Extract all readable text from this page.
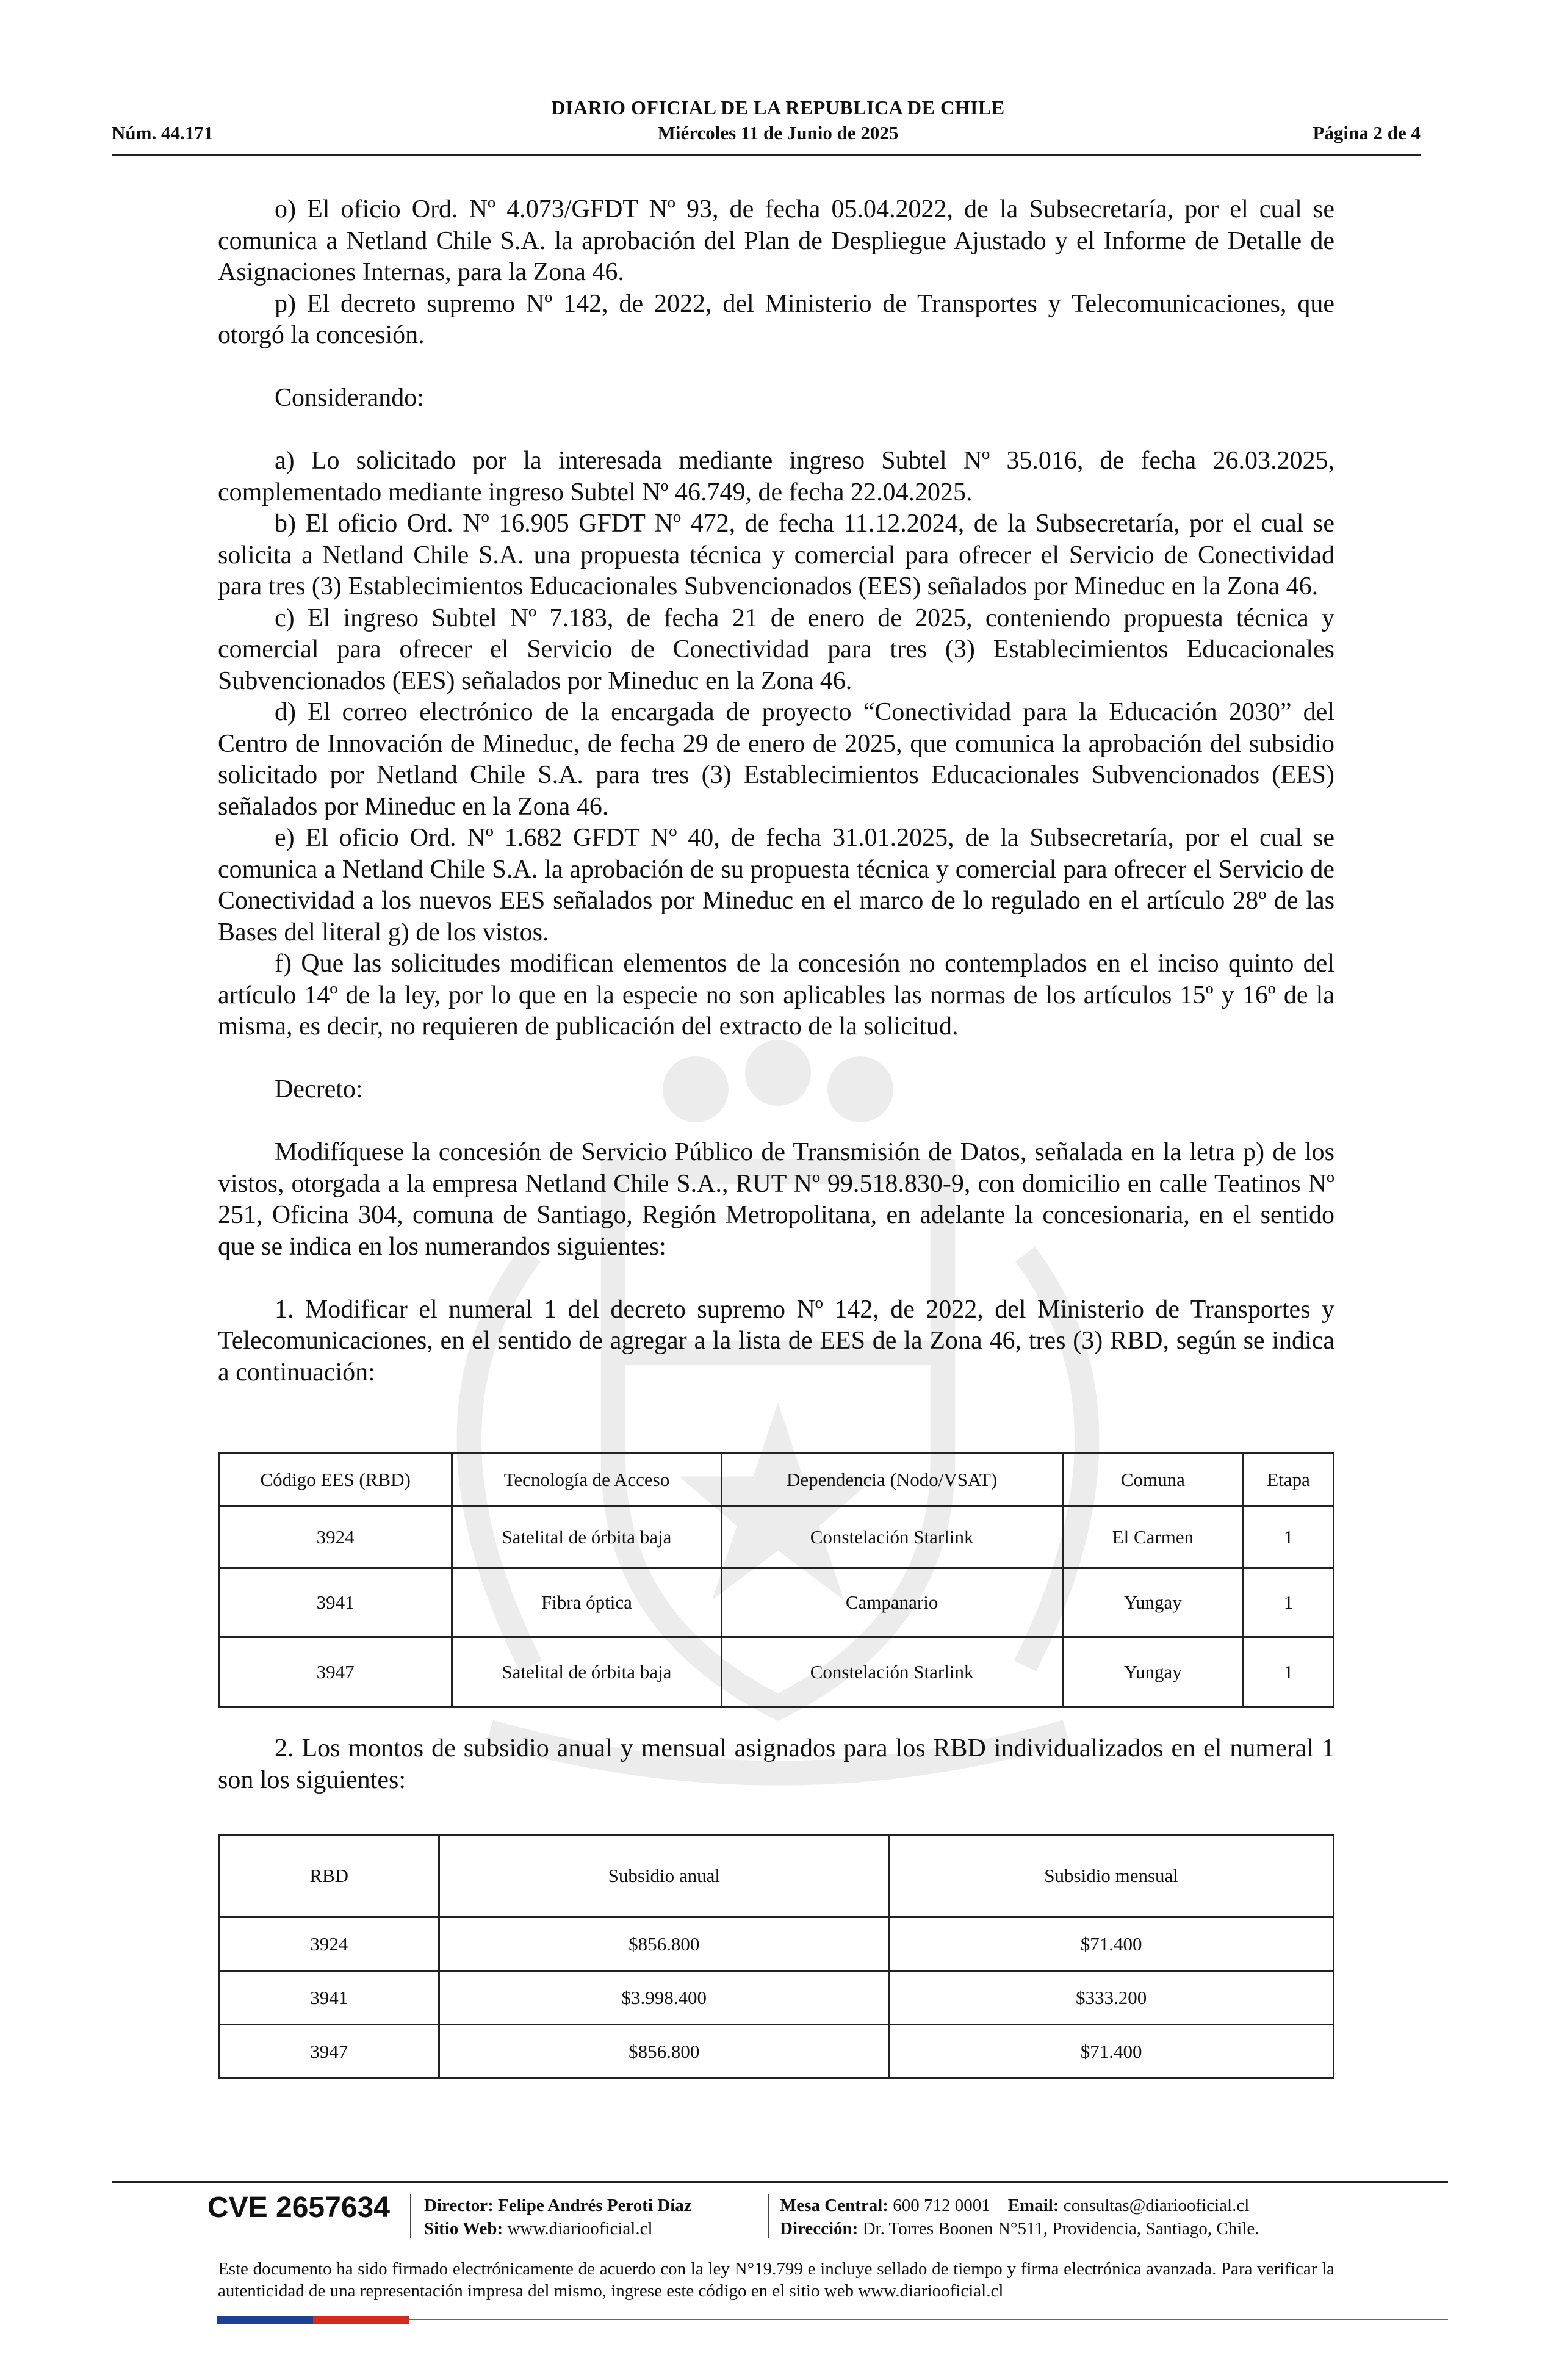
Núm. 44.171
DIARIO OFICIAL DE LA REPUBLICA DE CHILE
Miércoles 11 de Junio de 2025	Página 2 de 4

o) El oficio Ord. Nº 4.073/GFDT Nº 93, de fecha 05.04.2022, de la Subsecretaría, por el cual se comunica a Netland Chile S.A. la aprobación del Plan de Despliegue Ajustado y el Informe de Detalle de Asignaciones Internas, para la Zona 46.

p) El decreto supremo Nº 142, de 2022, del Ministerio de Transportes y Telecomunicaciones, que otorgó la concesión.

Considerando:

a) Lo solicitado por la interesada mediante ingreso Subtel Nº 35.016, de fecha 26.03.2025, complementado mediante ingreso Subtel Nº 46.749, de fecha 22.04.2025.

b) El oficio Ord. Nº 16.905 GFDT Nº 472, de fecha 11.12.2024, de la Subsecretaría, por el cual se solicita a Netland Chile S.A. una propuesta técnica y comercial para ofrecer el Servicio de Conectividad para tres (3) Establecimientos Educacionales Subvencionados (EES) señalados por Mineduc en la Zona 46.

c) El ingreso Subtel Nº 7.183, de fecha 21 de enero de 2025, conteniendo propuesta técnica y comercial para ofrecer el Servicio de Conectividad para tres (3) Establecimientos Educacionales Subvencionados (EES) señalados por Mineduc en la Zona 46.

d) El correo electrónico de la encargada de proyecto “Conectividad para la Educación 2030” del Centro de Innovación de Mineduc, de fecha 29 de enero de 2025, que comunica la aprobación del subsidio solicitado por Netland Chile S.A. para tres (3) Establecimientos Educacionales Subvencionados (EES) señalados por Mineduc en la Zona 46.

e) El oficio Ord. Nº 1.682 GFDT Nº 40, de fecha 31.01.2025, de la Subsecretaría, por el cual se comunica a Netland Chile S.A. la aprobación de su propuesta técnica y comercial para ofrecer el Servicio de Conectividad a los nuevos EES señalados por Mineduc en el marco de lo regulado en el artículo 28º de las Bases del literal g) de los vistos.

f) Que las solicitudes modifican elementos de la concesión no contemplados en el inciso quinto del artículo 14º de la ley, por lo que en la especie no son aplicables las normas de los artículos 15º y 16º de la misma, es decir, no requieren de publicación del extracto de la solicitud.

Decreto:

Modifíquese la concesión de Servicio Público de Transmisión de Datos, señalada en la letra p) de los vistos, otorgada a la empresa Netland Chile S.A., RUT Nº 99.518.830-9, con domicilio en calle Teatinos Nº 251, Oficina 304, comuna de Santiago, Región Metropolitana, en adelante la concesionaria, en el sentido que se indica en los numerandos siguientes:

1. Modificar el numeral 1 del decreto supremo Nº 142, de 2022, del Ministerio de Transportes y Telecomunicaciones, en el sentido de agregar a la lista de EES de la Zona 46, tres (3) RBD, según se indica a continuación:

Código EES (RBD)	Tecnología de Acceso	Dependencia (Nodo/VSAT)	Comuna	Etapa
3924	Satelital de órbita baja	Constelación Starlink	El Carmen	1
3941	Fibra óptica	Campanario	Yungay	1
3947	Satelital de órbita baja	Constelación Starlink	Yungay	1

2. Los montos de subsidio anual y mensual asignados para los RBD individualizados en el numeral 1 son los siguientes:

RBD	Subsidio anual	Subsidio mensual
3924	$856.800	$71.400
3941	$3.998.400	$333.200
3947	$856.800	$71.400
CVE 2657634 Director: Felipe Andrés Peroti Díaz
Sitio Web: www.diariooficial.cl
Mesa Central: 600 712 0001 Email: consultas@diariooficial.cl
Dirección: Dr. Torres Boonen N°511, Providencia, Santiago, Chile.
Este documento ha sido firmado electrónicamente de acuerdo con la ley N°19.799 e incluye sellado de tiempo y firma electrónica avanzada. Para verificar la autenticidad de una representación impresa del mismo, ingrese este código en el sitio web www.diariooficial.cl
